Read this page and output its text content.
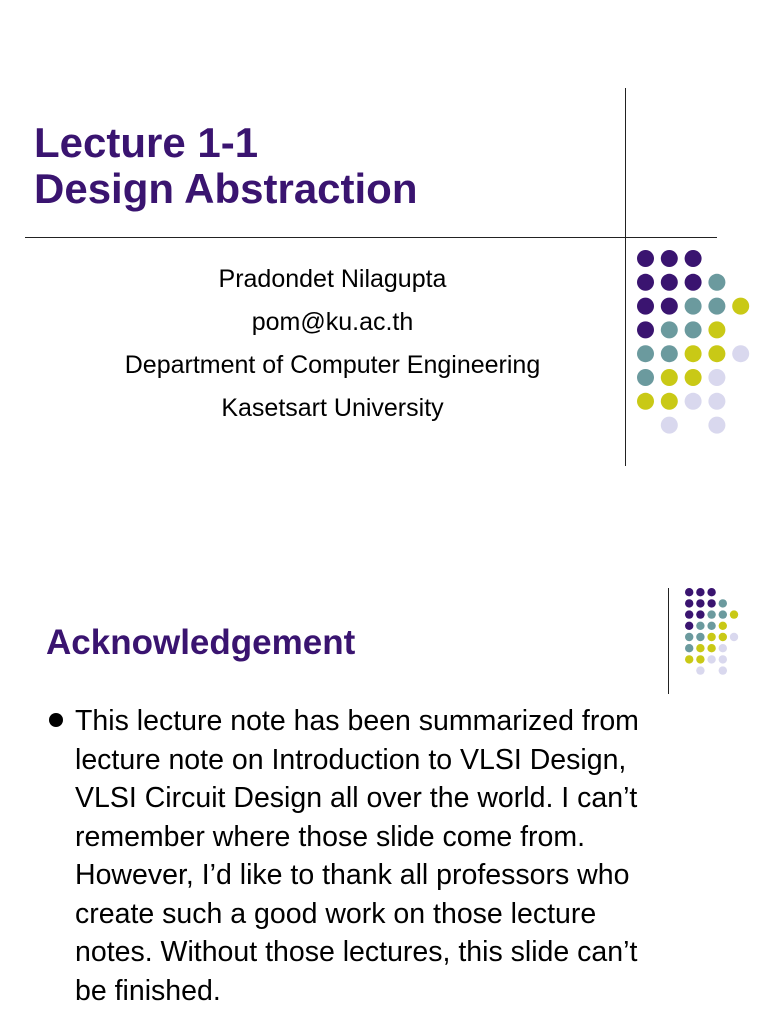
Lecture 1-1
Design Abstraction
Pradondet Nilagupta
pom@ku.ac.th
Department of Computer Engineering
Kasetsart University
Acknowledgement
This lecture note has been summarized from
lecture note on Introduction to VLSI Design,
VLSI Circuit Design all over the world. I can’t
remember where those slide come from.
However, I’d like to thank all professors who
create such a good work on those lecture
notes. Without those lectures, this slide can’t
be finished.
